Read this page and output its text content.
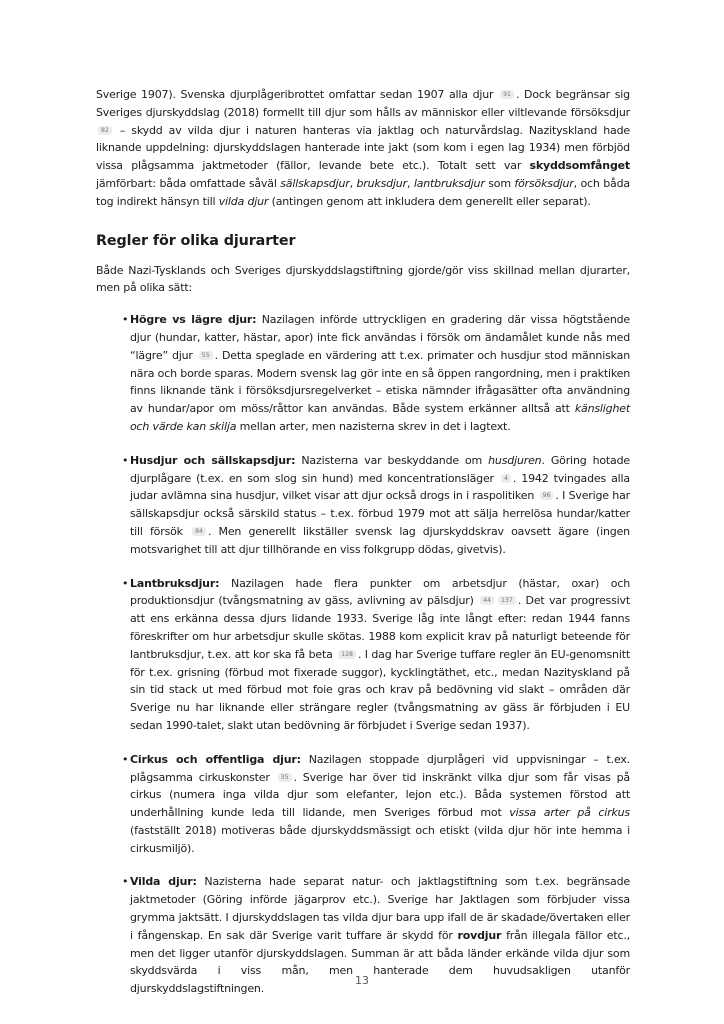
Sverige 1907). Svenska djurplågeribrottet omfattar sedan 1907 alla djur 91 . Dock begränsar sig Sveriges djurskyddslag (2018) formellt till djur som hålls av människor eller viltlevande försöksdjur 82 – skydd av vilda djur i naturen hanteras via jaktlag och naturvårdslag. Nazityskland hade liknande uppdelning: djurskyddslagen hanterade inte jakt (som kom i egen lag 1934) men förbjöd vissa plågsamma jaktmetoder (fällor, levande bete etc.). Totalt sett var skyddsomfånget jämförbart: båda omfattade såväl sällskapsdjur, bruksdjur, lantbruksdjur som försöksdjur, och båda tog indirekt hänsyn till vilda djur (antingen genom att inkludera dem generellt eller separat).

Regler för olika djurarter

Både Nazi-Tysklands och Sveriges djurskyddslagstiftning gjorde/gör viss skillnad mellan djurarter, men på olika sätt:

• Högre vs lägre djur: Nazilagen införde uttryckligen en gradering där vissa högtstående djur (hundar, katter, hästar, apor) inte fick användas i försök om ändamålet kunde nås med “lägre” djur 55 . Detta speglade en värdering att t.ex. primater och husdjur stod människan nära och borde sparas. Modern svensk lag gör inte en så öppen rangordning, men i praktiken finns liknande tänk i försöksdjursregelverket – etiska nämnder ifrågasätter ofta användning av hundar/apor om möss/råttor kan användas. Både system erkänner alltså att känslighet och värde kan skilja mellan arter, men nazisterna skrev in det i lagtext.
• Husdjur och sällskapsdjur: Nazisterna var beskyddande om husdjuren. Göring hotade djurplågare (t.ex. en som slog sin hund) med koncentrationsläger 4 . 1942 tvingades alla judar avlämna sina husdjur, vilket visar att djur också drogs in i raspolitiken 96 . I Sverige har sällskapsdjur också särskild status – t.ex. förbud 1979 mot att sälja herrelösa hundar/katter till försök 84 . Men generellt likställer svensk lag djurskyddskrav oavsett ägare (ingen motsvarighet till att djur tillhörande en viss folkgrupp dödas, givetvis).
• Lantbruksdjur: Nazilagen hade flera punkter om arbetsdjur (hästar, oxar) och produktionsdjur (tvångsmatning av gäss, avlivning av pälsdjur) 44 137 . Det var progressivt att ens erkänna dessa djurs lidande 1933. Sverige låg inte långt efter: redan 1944 fanns föreskrifter om hur arbetsdjur skulle skötas. 1988 kom explicit krav på naturligt beteende för lantbruksdjur, t.ex. att kor ska få beta 128 . I dag har Sverige tuffare regler än EU-genomsnitt för t.ex. grisning (förbud mot fixerade suggor), kycklingtäthet, etc., medan Nazityskland på sin tid stack ut med förbud mot foie gras och krav på bedövning vid slakt – områden där Sverige nu har liknande eller strängare regler (tvångsmatning av gäss är förbjuden i EU sedan 1990-talet, slakt utan bedövning är förbjudet i Sverige sedan 1937).
• Cirkus och offentliga djur: Nazilagen stoppade djurplågeri vid uppvisningar – t.ex. plågsamma cirkuskonster 35 . Sverige har över tid inskränkt vilka djur som får visas på cirkus (numera inga vilda djur som elefanter, lejon etc.). Båda systemen förstod att underhållning kunde leda till lidande, men Sveriges förbud mot vissa arter på cirkus (fastställt 2018) motiveras både djurskyddsmässigt och etiskt (vilda djur hör inte hemma i cirkusmiljö).
• Vilda djur: Nazisterna hade separat natur- och jaktlagstiftning som t.ex. begränsade jaktmetoder (Göring införde jägarprov etc.). Sverige har Jaktlagen som förbjuder vissa grymma jaktsätt. I djurskyddslagen tas vilda djur bara upp ifall de är skadade/övertaken eller i fångenskap. En sak där Sverige varit tuffare är skydd för rovdjur från illegala fällor etc., men det ligger utanför djurskyddslagen. Summan är att båda länder erkände vilda djur som skyddsvärda i viss mån, men hanterade dem huvudsakligen utanför djurskyddslagstiftningen.
13
